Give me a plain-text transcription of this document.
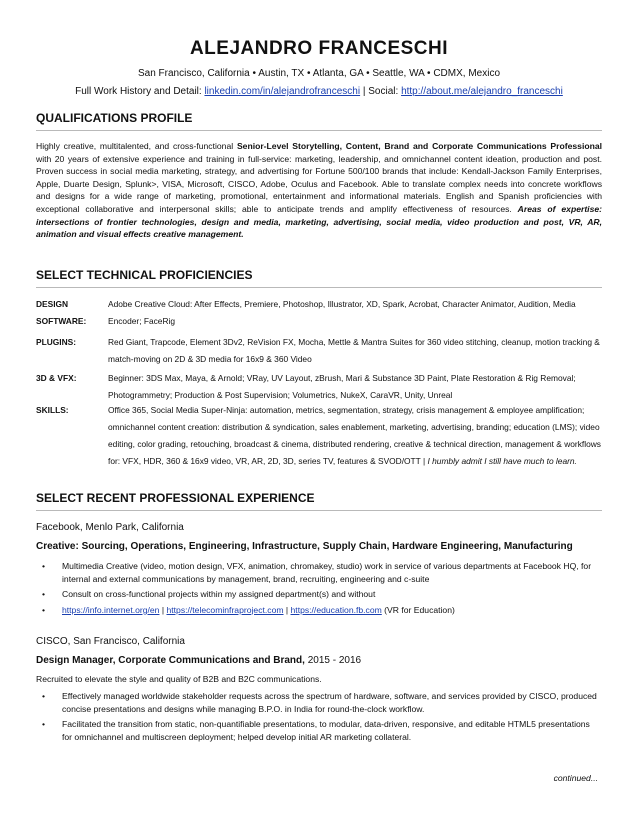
ALEJANDRO FRANCESCHI
San Francisco, California • Austin, TX • Atlanta, GA • Seattle, WA • CDMX, Mexico
Full Work History and Detail: linkedin.com/in/alejandrofranceschi | Social: http://about.me/alejandro_franceschi
QUALIFICATIONS PROFILE
Highly creative, multitalented, and cross-functional Senior-Level Storytelling, Content, Brand and Corporate Communications Professional with 20 years of extensive experience and training in full-service: marketing, leadership, and omnichannel content ideation, production and post. Proven success in social media marketing, strategy, and advertising for Fortune 500/100 brands that include: Kendall-Jackson Family Enterprises, Apple, Duarte Design, Splunk>, VISA, Microsoft, CISCO, Adobe, Oculus and Facebook. Able to translate complex needs into concrete workflows and designs for a wide range of marketing, promotional, entertainment and informational materials. English and Spanish proficiencies with exceptional collaborative and interpersonal skills; able to anticipate trends and amplify effectiveness of resources. Areas of expertise: intersections of frontier technologies, design and media, marketing, advertising, social media, video production and post, VR, AR, animation and visual effects creative management.
SELECT TECHNICAL PROFICIENCIES
DESIGN SOFTWARE:
Adobe Creative Cloud: After Effects, Premiere, Photoshop, Illustrator, XD, Spark, Acrobat, Character Animator, Audition, Media Encoder; FaceRig
PLUGINS:	Red Giant, Trapcode, Element 3Dv2, ReVision FX, Mocha, Mettle & Mantra Suites for 360 video stitching, cleanup, motion tracking & match-moving on 2D & 3D media for 16x9 & 360 Video
3D & VFX:	Beginner: 3DS Max, Maya, & Arnold; VRay, UV Layout, zBrush, Mari & Substance 3D Paint, Plate Restoration & Rig Removal; Photogrammetry; Production & Post Supervision; Volumetrics, NukeX, CaraVR, Unity, Unreal
SKILLS:	Office 365, Social Media Super-Ninja: automation, metrics, segmentation, strategy, crisis management & employee amplification; omnichannel content creation: distribution & syndication, sales enablement, marketing, advertising, branding; education (LMS); video editing, color grading, retouching, broadcast & cinema, distributed rendering, creative & technical direction, management & workflows for: VFX, HDR, 360 & 16x9 video, VR, AR, 2D, 3D, series TV, features & SVOD/OTT | I humbly admit I still have much to learn.
SELECT RECENT PROFESSIONAL EXPERIENCE
Facebook, Menlo Park, California
Creative: Sourcing, Operations, Engineering, Infrastructure, Supply Chain, Hardware Engineering, Manufacturing
• Multimedia Creative (video, motion design, VFX, animation, chromakey, studio) work in service of various departments at Facebook HQ, for internal and external communications by management, brand, recruiting, engineering and c-suite
• Consult on cross-functional projects within my assigned department(s) and without
• https://info.internet.org/en | https://telecominfraproject.com | https://education.fb.com (VR for Education)
CISCO, San Francisco, California
Design Manager, Corporate Communications and Brand, 2015 - 2016
Recruited to elevate the style and quality of B2B and B2C communications.
• Effectively managed worldwide stakeholder requests across the spectrum of hardware, software, and services provided by CISCO, produced concise presentations and designs while managing B.P.O. in India for round-the-clock workflow.
• Facilitated the transition from static, non-quantifiable presentations, to modular, data-driven, responsive, and editable HTML5 presentations for omnichannel and multiscreen deployment; helped develop initial AR marketing collateral.
continued...
